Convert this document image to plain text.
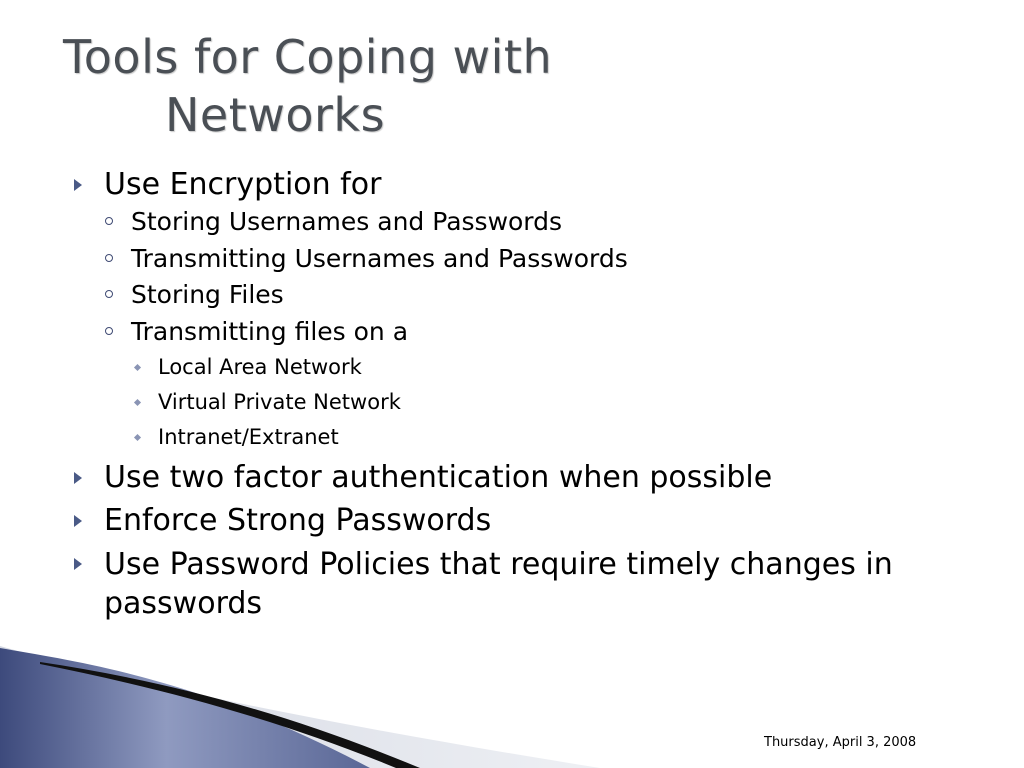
Tools for Coping with
Networks
Use Encryption for
Storing Usernames and Passwords
Transmitting Usernames and Passwords
Storing Files
Transmitting files on a
Local Area Network
Virtual Private Network
Intranet/Extranet
Use two factor authentication when possible
Enforce Strong Passwords
Use Password Policies that require timely changes in passwords
Thursday, April 3, 2008
